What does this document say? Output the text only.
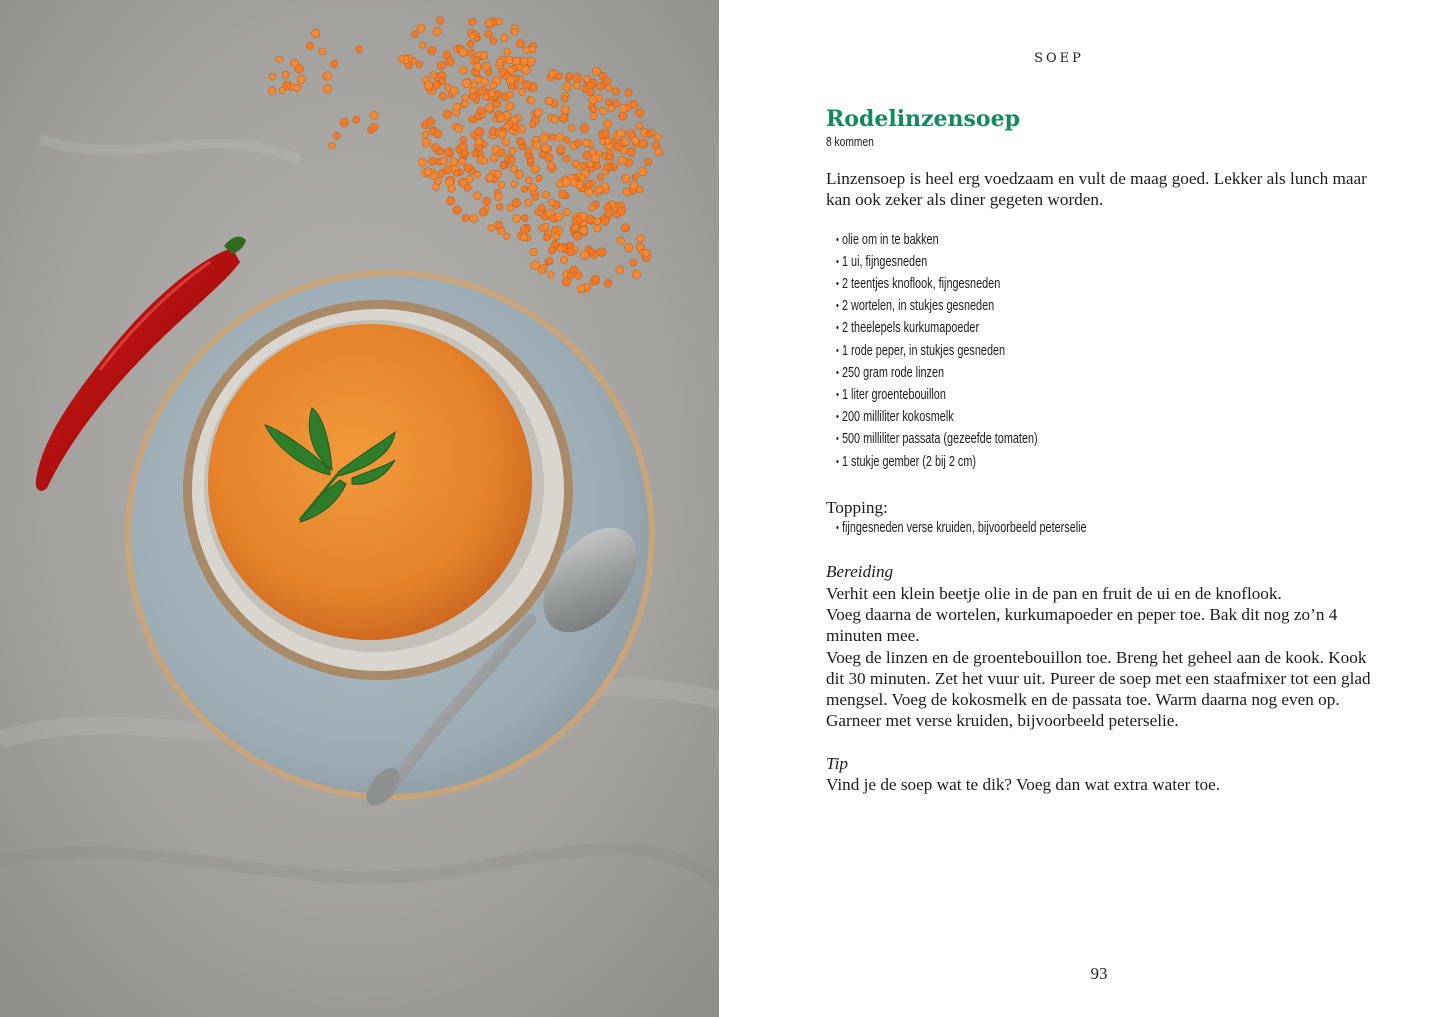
SOEP
Rodelinzensoep
8 kommen
Linzensoep is heel erg voedzaam en vult de maag goed. Lekker als lunch maar kan ook zeker als diner gegeten worden.
• olie om in te bakken
• 1 ui, fijngesneden
• 2 teentjes knoflook, fijngesneden
• 2 wortelen, in stukjes gesneden
• 2 theelepels kurkumapoeder
• 1 rode peper, in stukjes gesneden
• 250 gram rode linzen
• 1 liter groentebouillon
• 200 milliliter kokosmelk
• 500 milliliter passata (gezeefde tomaten)
• 1 stukje gember (2 bij 2 cm)
Topping:
• fijngesneden verse kruiden, bijvoorbeeld peterselie
Bereiding
Verhit een klein beetje olie in de pan en fruit de ui en de knoflook.
Voeg daarna de wortelen, kurkumapoeder en peper toe. Bak dit nog zo’n 4 minuten mee.
Voeg de linzen en de groentebouillon toe. Breng het geheel aan de kook. Kook dit 30 minuten. Zet het vuur uit. Pureer de soep met een staafmixer tot een glad mengsel. Voeg de kokosmelk en de passata toe. Warm daarna nog even op. Garneer met verse kruiden, bijvoorbeeld peterselie.
Tip
Vind je de soep wat te dik? Voeg dan wat extra water toe.
93
